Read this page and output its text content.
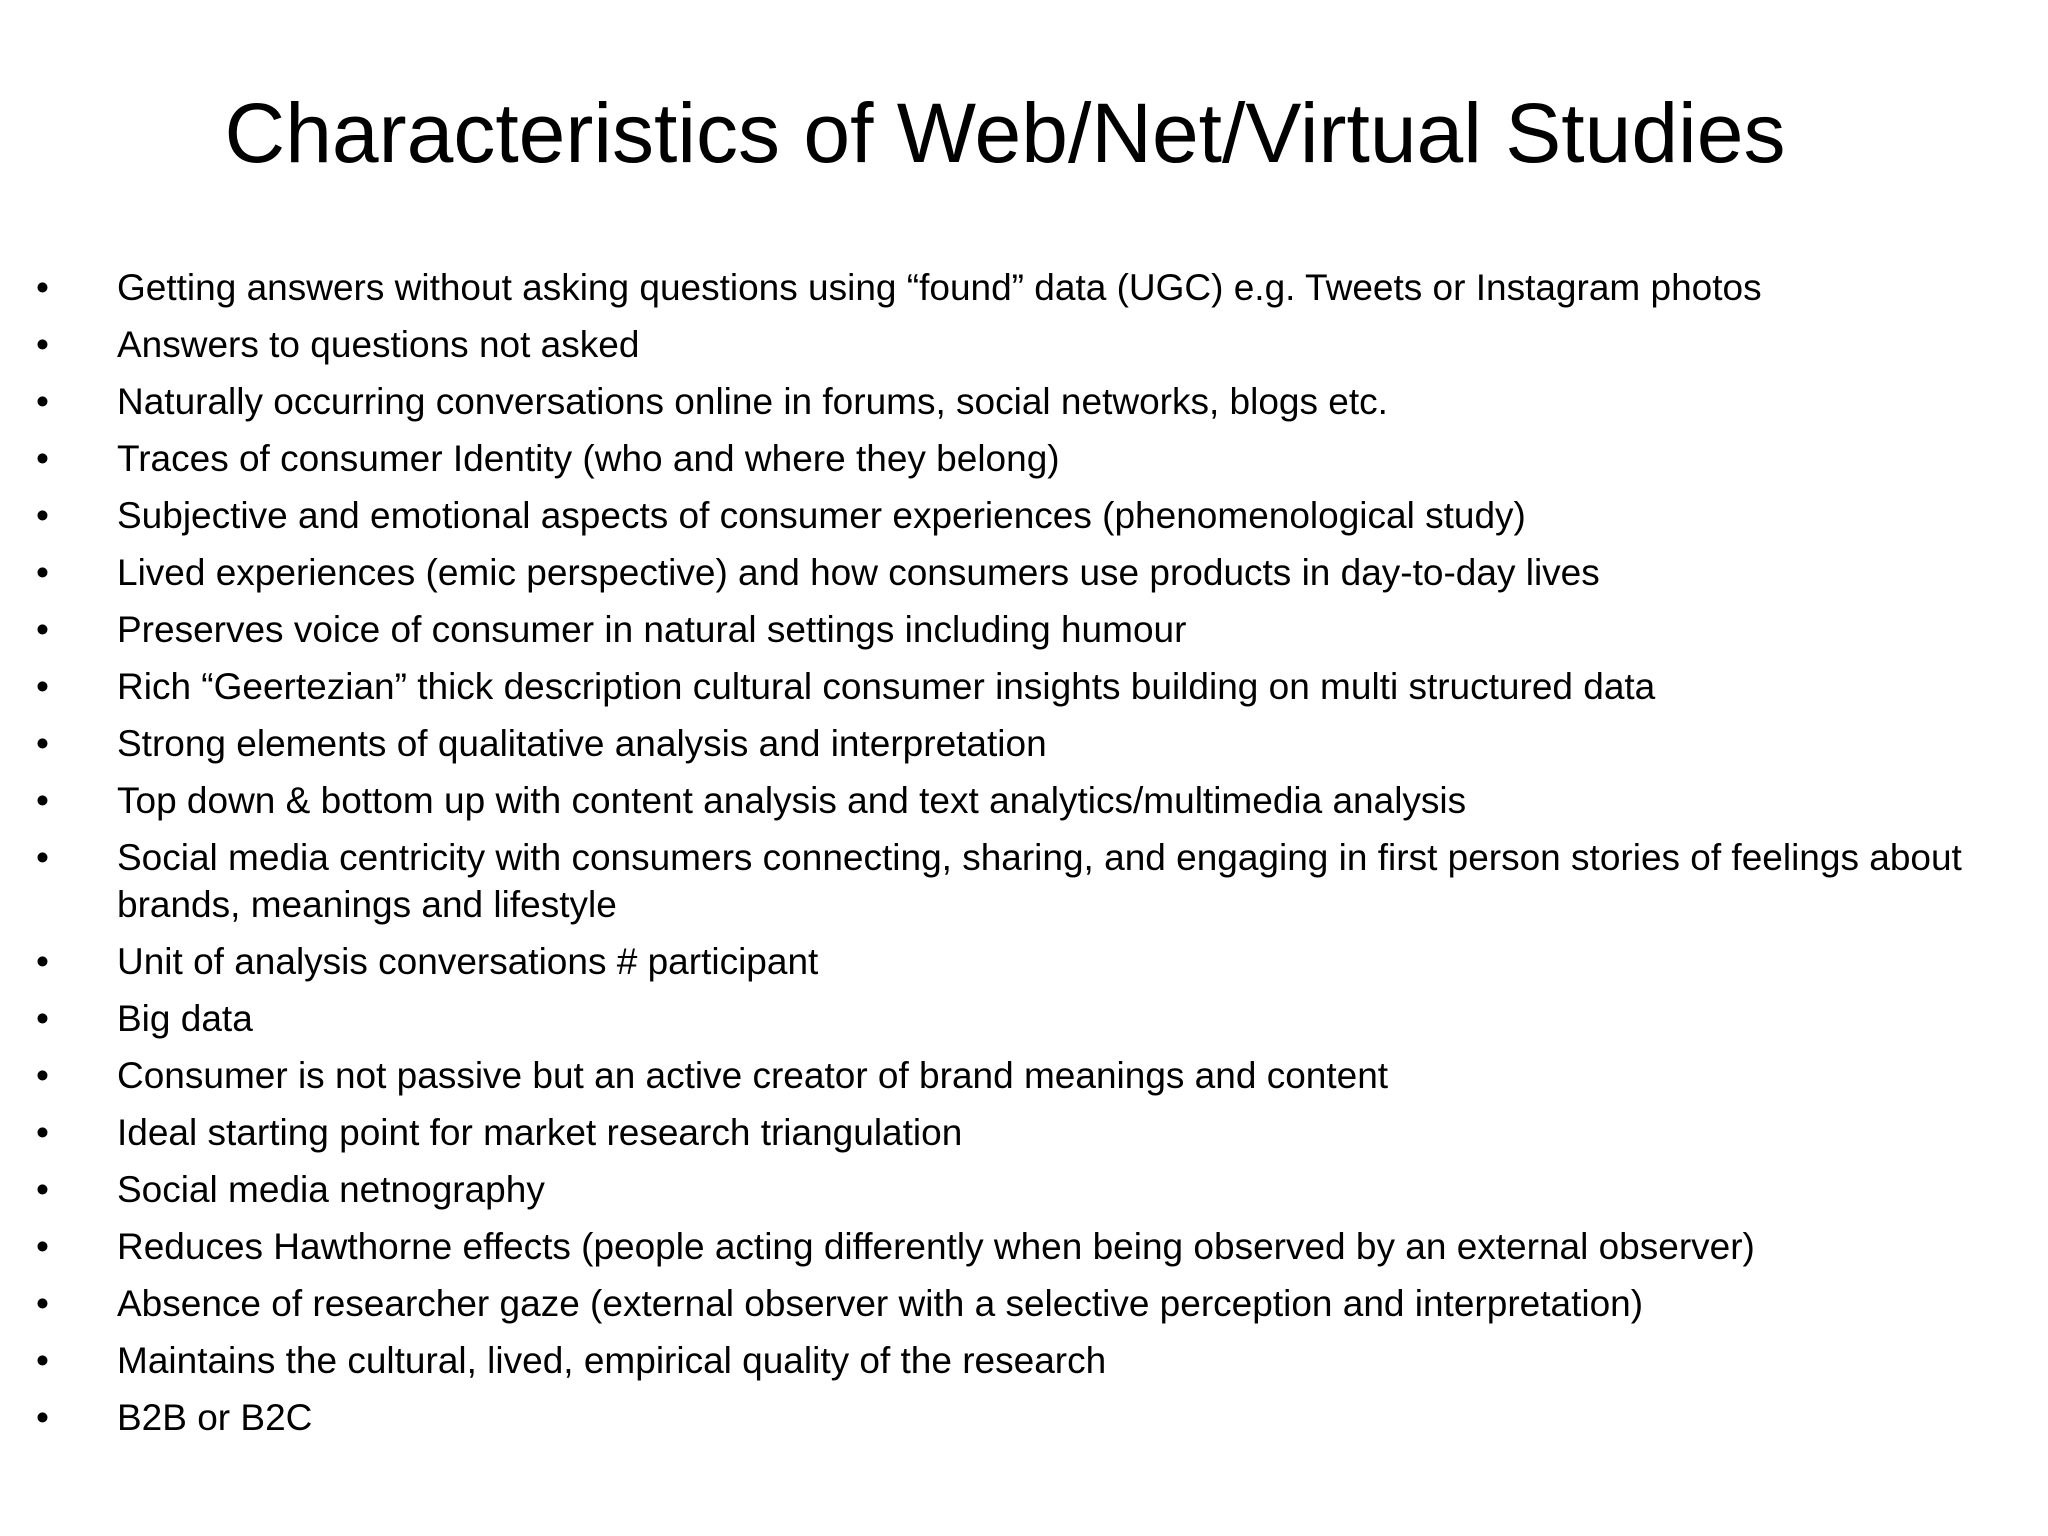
Characteristics of Web/Net/Virtual Studies
•	Getting answers without asking questions using “found” data (UGC) e.g. Tweets or Instagram photos
•	Answers to questions not asked
•	Naturally occurring conversations online in forums, social networks, blogs etc.
•	Traces of consumer Identity (who and where they belong)
•	Subjective and emotional aspects of consumer experiences (phenomenological study)
•	Lived experiences (emic perspective) and how consumers use products in day-to-day lives
•	Preserves voice of consumer in natural settings including humour
•	Rich “Geertezian” thick description cultural consumer insights building on multi structured data
•	Strong elements of qualitative analysis and interpretation
•	Top down & bottom up with content analysis and text analytics/multimedia analysis
•	Social media centricity with consumers connecting, sharing, and engaging in first person stories of feelings about brands, meanings and lifestyle
•	Unit of analysis conversations # participant
•	Big data
•	Consumer is not passive but an active creator of brand meanings and content
•	Ideal starting point for market research triangulation
•	Social media netnography
•	Reduces Hawthorne effects (people acting differently when being observed by an external observer)
•	Absence of researcher gaze (external observer with a selective perception and interpretation)
•	Maintains the cultural, lived, empirical quality of the research
•	B2B or B2C
